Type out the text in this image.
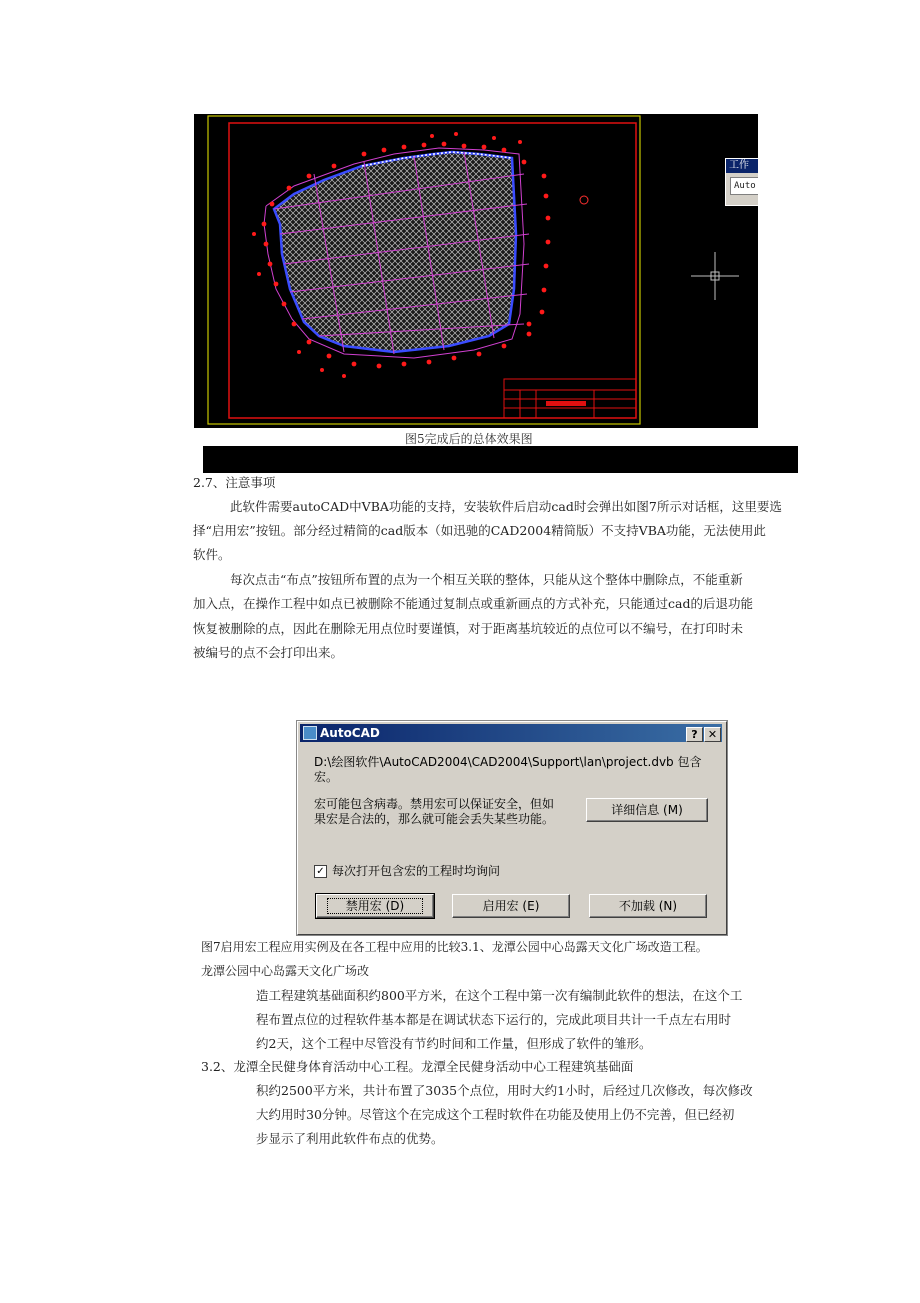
工作
Auto
图5完成后的总体效果图
2.7、注意事项
此软件需要autoCAD中VBA功能的支持，安装软件后启动cad时会弹出如图7所示对话框，这里要选
择“启用宏”按钮。部分经过精简的cad版本（如迅驰的CAD2004精简版）不支持VBA功能，无法使用此
软件。
每次点击“布点”按钮所布置的点为一个相互关联的整体，只能从这个整体中删除点，不能重新
加入点，在操作工程中如点已被删除不能通过复制点或重新画点的方式补充，只能通过cad的后退功能
恢复被删除的点，因此在删除无用点位时要谨慎，对于距离基坑较近的点位可以不编号，在打印时未
被编号的点不会打印出来。
AutoCAD	? ✕
D:\绘图软件\AutoCAD2004\CAD2004\Support\lan\project.dvb 包含
宏。
宏可能包含病毒。禁用宏可以保证安全，但如
果宏是合法的，那么就可能会丢失某些功能。
详细信息 (M)
✓ 每次打开包含宏的工程时均询问
禁用宏 (D)	启用宏 (E)	不加载 (N)
图7启用宏工程应用实例及在各工程中应用的比较3.1、龙潭公园中心岛露天文化广场改造工程。
龙潭公园中心岛露天文化广场改
造工程建筑基础面积约800平方米，在这个工程中第一次有编制此软件的想法，在这个工
程布置点位的过程软件基本都是在调试状态下运行的，完成此项目共计一千点左右用时
约2天，这个工程中尽管没有节约时间和工作量，但形成了软件的雏形。
3.2、龙潭全民健身体育活动中心工程。龙潭全民健身活动中心工程建筑基础面
积约2500平方米，共计布置了3035个点位，用时大约1小时，后经过几次修改，每次修改
大约用时30分钟。尽管这个在完成这个工程时软件在功能及使用上仍不完善，但已经初
步显示了利用此软件布点的优势。
